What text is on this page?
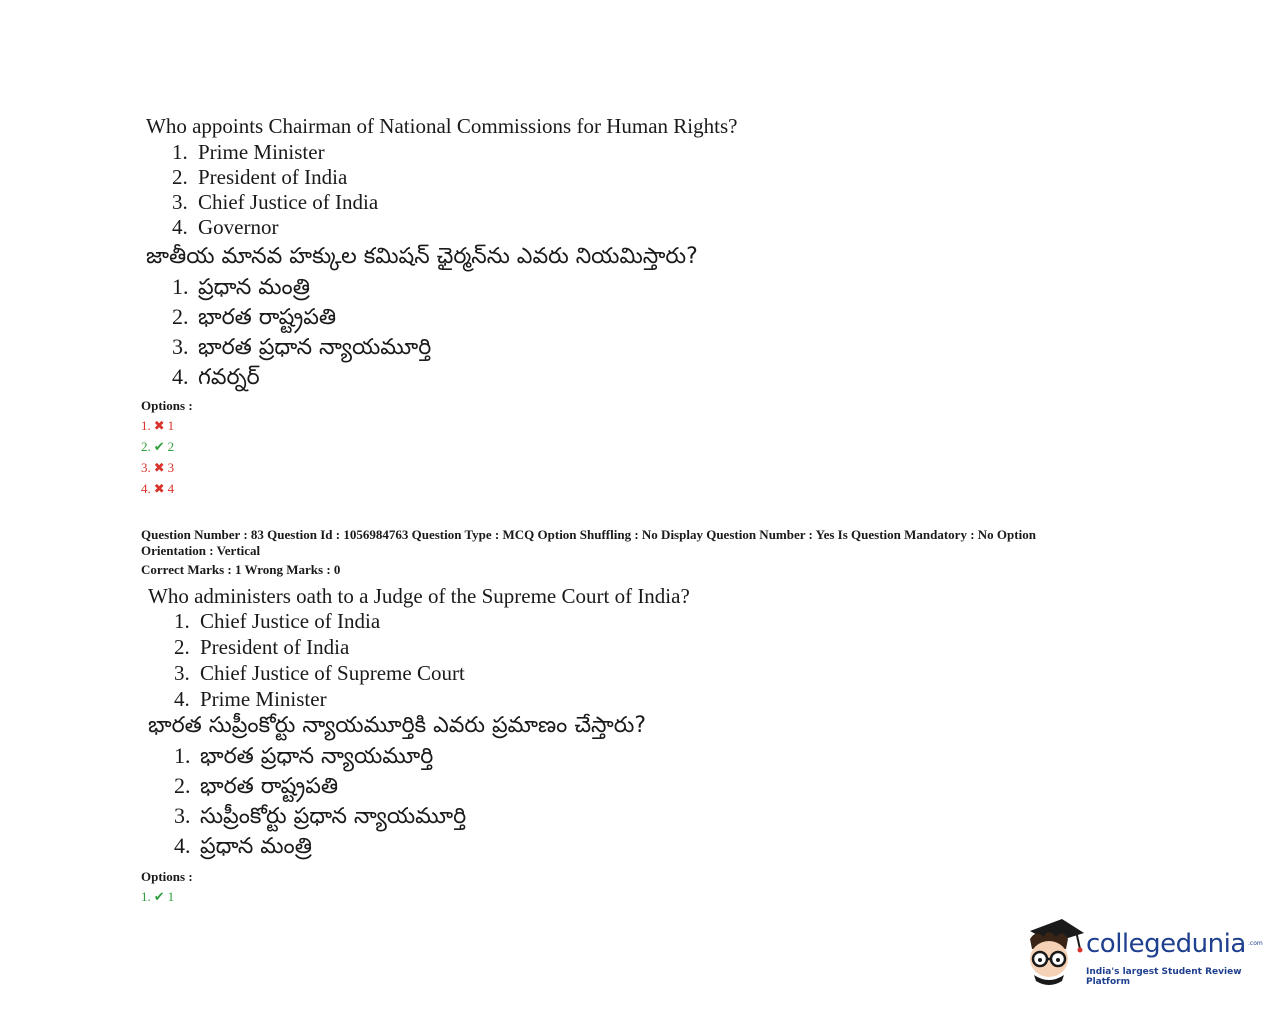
Who appoints Chairman of National Commissions for Human Rights?
1. Prime Minister
2. President of India
3. Chief Justice of India
4. Governor
జాతీయ మానవ హక్కుల కమిషన్ ఛైర్మన్‌ను ఎవరు నియమిస్తారు?
1. ప్రధాన మంత్రి
2. భారత రాష్ట్రపతి
3. భారత ప్రధాన న్యాయమూర్తి
4. గవర్నర్
Options :
1. ✖ 1
2. ✔ 2
3. ✖ 3
4. ✖ 4
Question Number : 83 Question Id : 1056984763 Question Type : MCQ Option Shuffling : No Display Question Number : Yes Is Question Mandatory : No Option
Orientation : Vertical
Correct Marks : 1 Wrong Marks : 0
Who administers oath to a Judge of the Supreme Court of India?
1. Chief Justice of India
2. President of India
3. Chief Justice of Supreme Court
4. Prime Minister
భారత సుప్రీంకోర్టు న్యాయమూర్తికి ఎవరు ప్రమాణం చేస్తారు?
1. భారత ప్రధాన న్యాయమూర్తి
2. భారత రాష్ట్రపతి
3. సుప్రీంకోర్టు ప్రధాన న్యాయమూర్తి
4. ప్రధాన మంత్రి
Options :
1. ✔ 1
collegedunia .com
India's largest Student Review Platform
